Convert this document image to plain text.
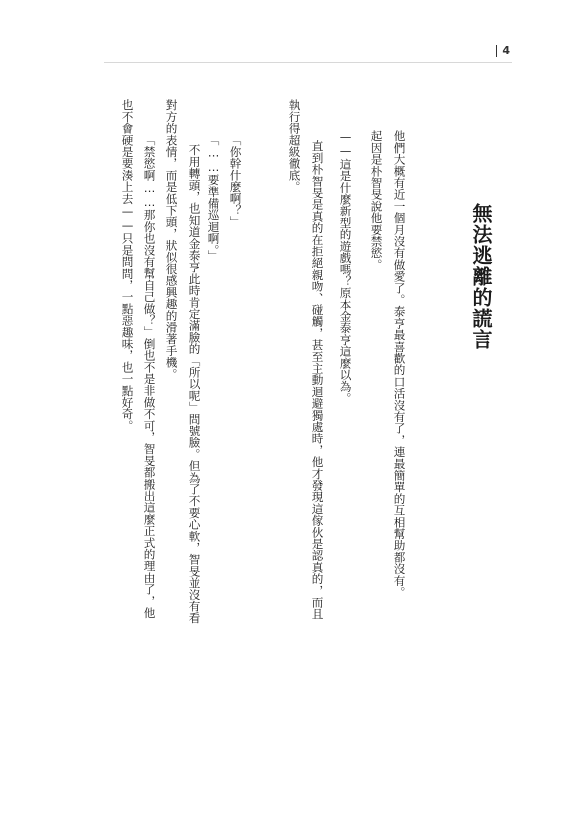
4
無法逃離的謊言
他們大概有近一個月沒有做愛了。泰亨最喜歡的口活沒有了，連最簡單的互相幫助都沒有。
起因是朴智旻說他要禁慾。
——這是什麼新型的遊戲嗎？原本金泰亨這麼以為。
直到朴智旻是真的在拒絕親吻、碰觸，甚至主動迴避獨處時，他才發現這傢伙是認真的，而且
執行得超級徹底。
「你幹什麼啊？」
「……要準備巡迴啊。」
不用轉頭，也知道金泰亨此時肯定滿臉的「所以呢」問號臉。但為了不要心軟，智旻並沒有看
對方的表情，而是低下頭，狀似很感興趣的滑著手機。
「禁慾啊……那你也沒有幫自己做？」倒也不是非做不可，智旻都搬出這麼正式的理由了，他
也不會硬是要湊上去——只是問問，一點惡趣味，也一點好奇。
